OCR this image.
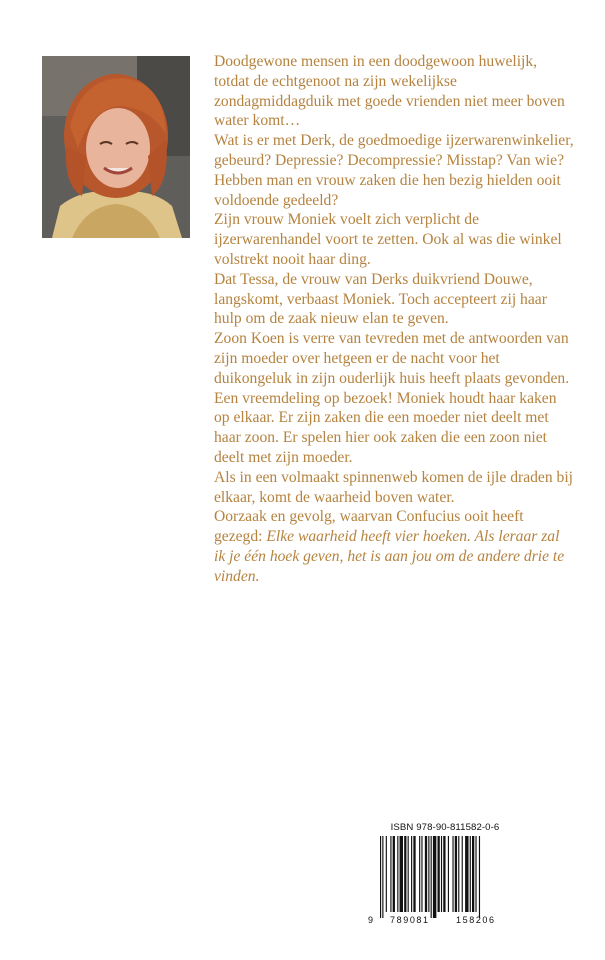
Doodgewone mensen in een doodgewoon huwelijk, totdat de echtgenoot na zijn wekelijkse zondagmiddagduik met goede vrienden niet meer boven water komt…

Wat is er met Derk, de goedmoedige ijzerwarenwinkelier, gebeurd? Depressie? Decompressie? Misstap? Van wie?

Hebben man en vrouw zaken die hen bezig hielden ooit voldoende gedeeld?

Zijn vrouw Moniek voelt zich verplicht de ijzerwarenhandel voort te zetten. Ook al was die winkel volstrekt nooit haar ding.

Dat Tessa, de vrouw van Derks duikvriend Douwe, langskomt, verbaast Moniek. Toch accepteert zij haar hulp om de zaak nieuw elan te geven.

Zoon Koen is verre van tevreden met de antwoorden van zijn moeder over hetgeen er de nacht voor het duikongeluk in zijn ouderlijk huis heeft plaats gevonden. Een vreemdeling op bezoek! Moniek houdt haar kaken op elkaar. Er zijn zaken die een moeder niet deelt met haar zoon. Er spelen hier ook zaken die een zoon niet deelt met zijn moeder.

Als in een volmaakt spinnenweb komen de ijle draden bij elkaar, komt de waarheid boven water.

Oorzaak en gevolg, waarvan Confucius ooit heeft gezegd: Elke waarheid heeft vier hoeken. Als leraar zal ik je één hoek geven, het is aan jou om de andere drie te vinden.

ISBN 978-90-811582-0-6
9 789081	158206
